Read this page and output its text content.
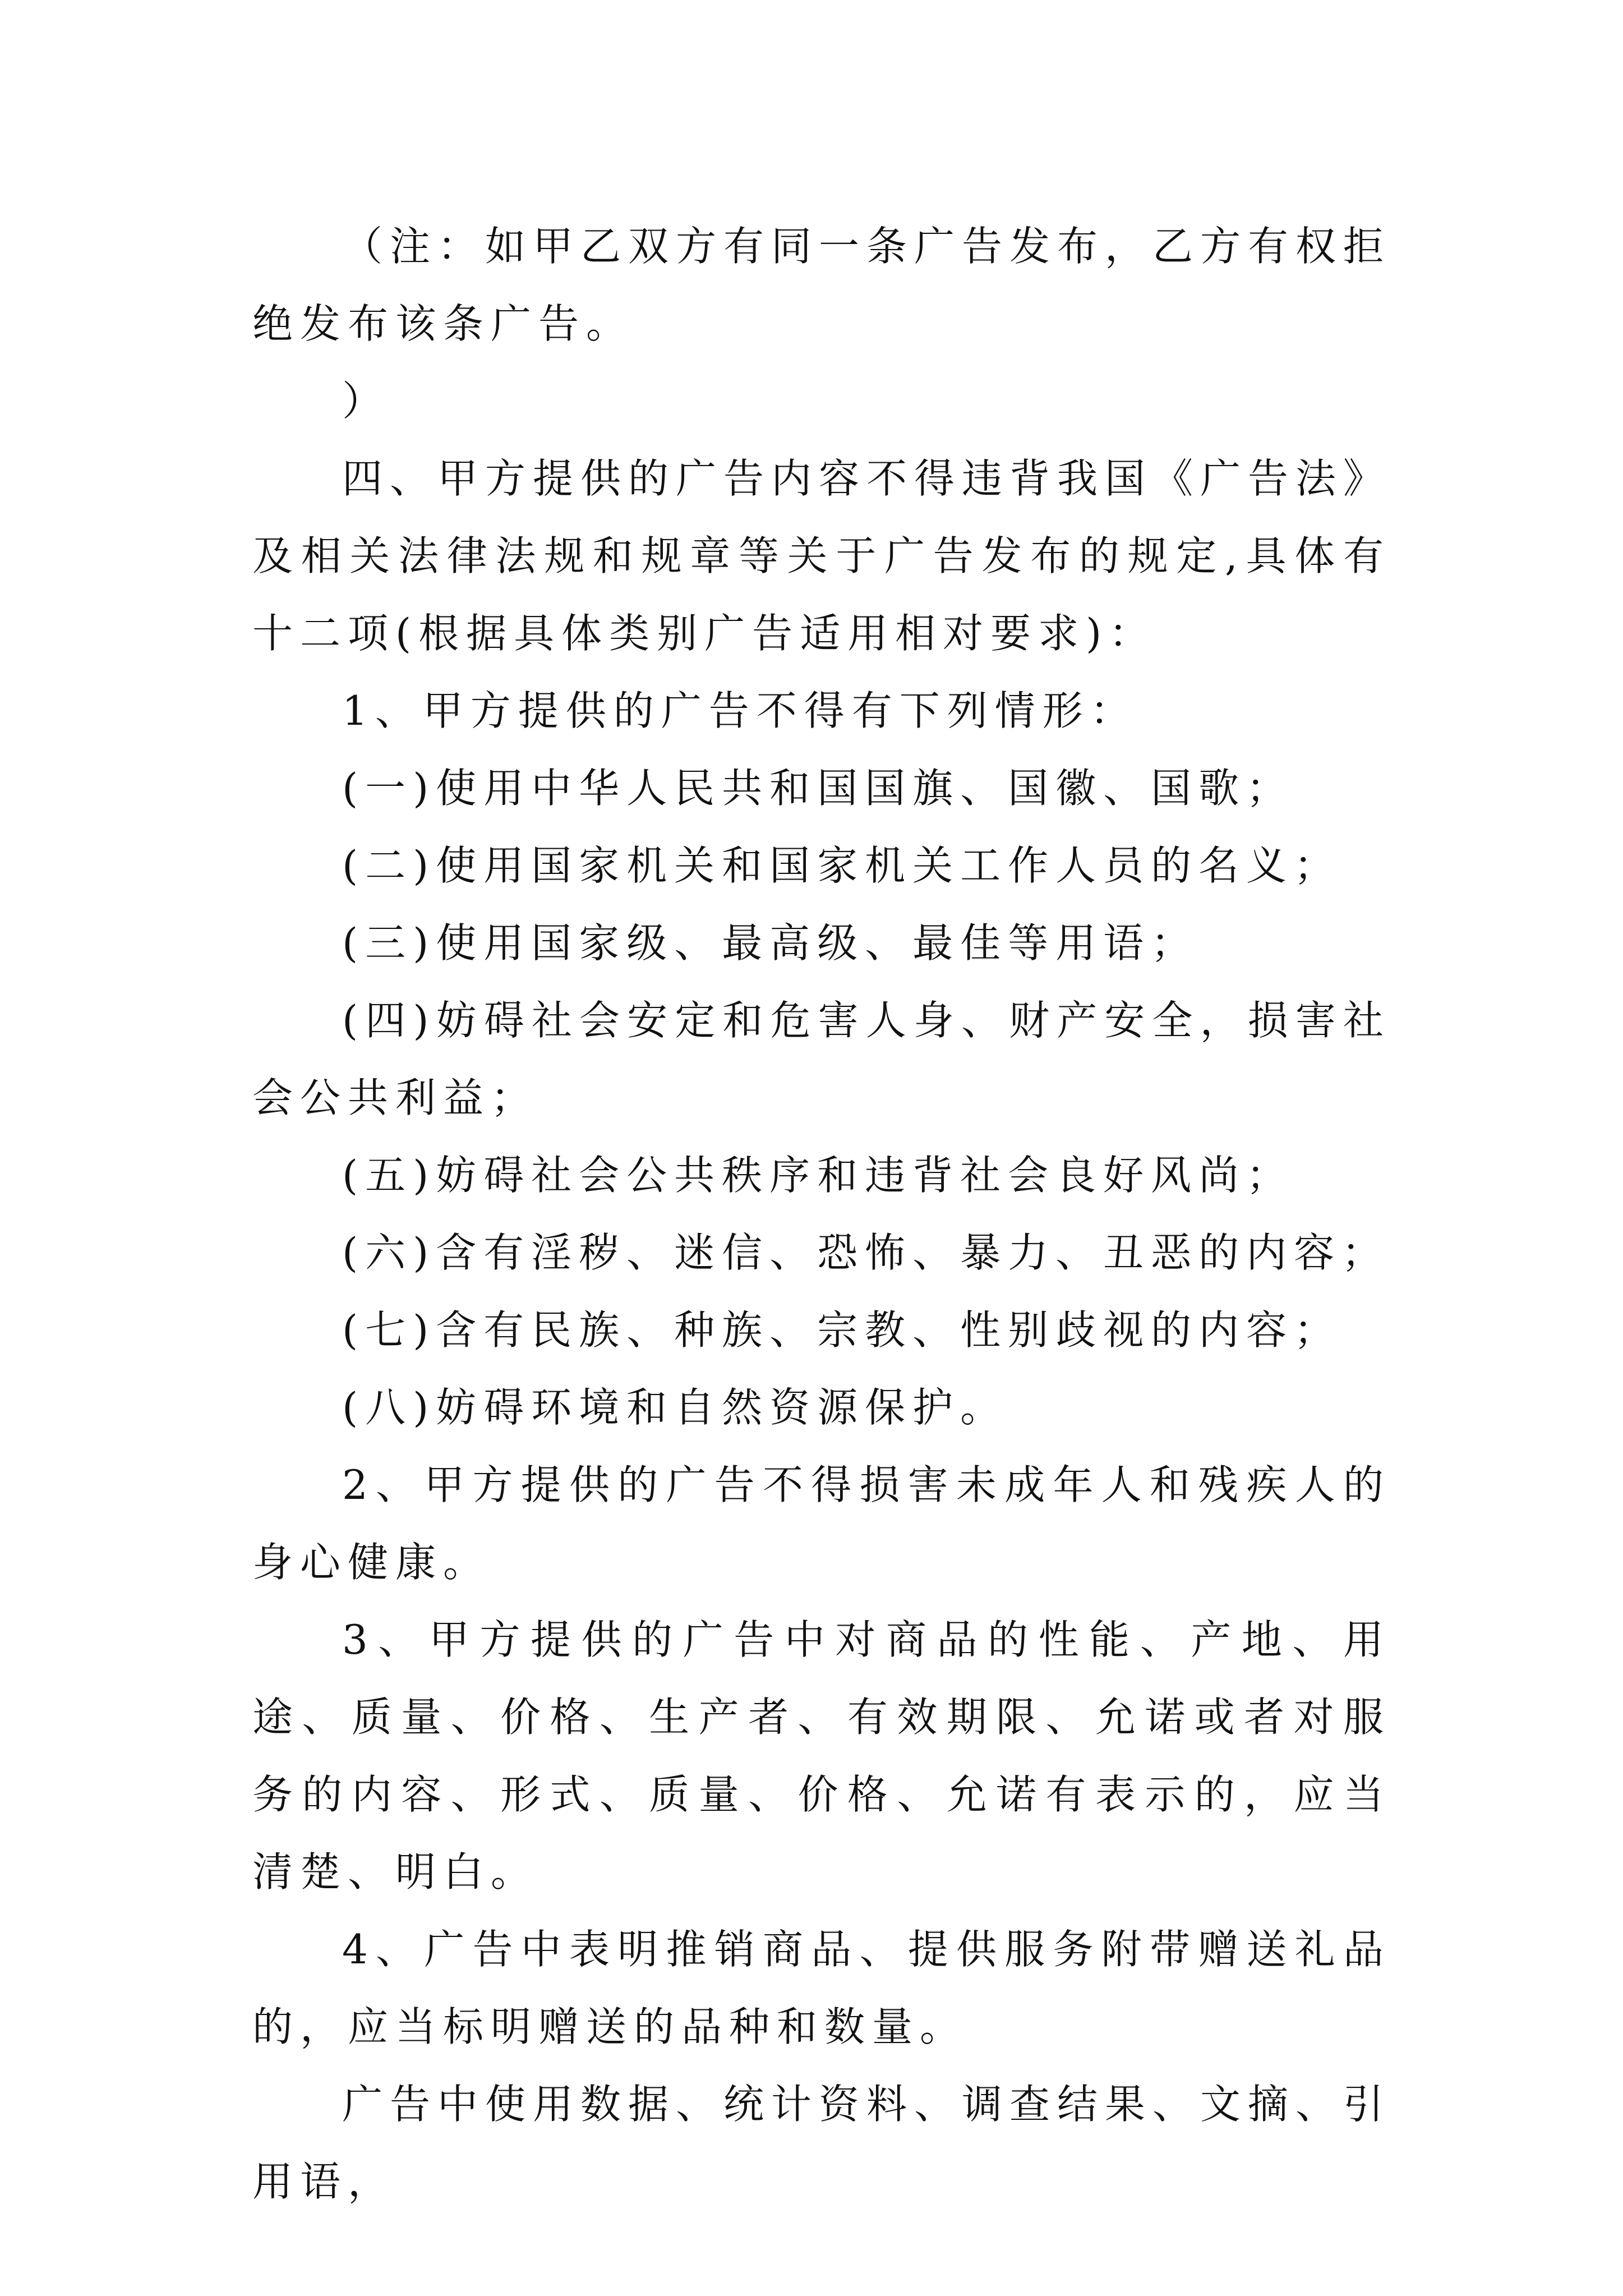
（注：如甲乙双方有同一条广告发布，乙方有权拒绝发布该条广告。

）

四、甲方提供的广告内容不得违背我国《广告法》及相关法律法规和规章等关于广告发布的规定,具体有十二项(根据具体类别广告适用相对要求)：

1、甲方提供的广告不得有下列情形：

(一)使用中华人民共和国国旗、国徽、国歌；

(二)使用国家机关和国家机关工作人员的名义；

(三)使用国家级、最高级、最佳等用语；

(四)妨碍社会安定和危害人身、财产安全，损害社会公共利益；

(五)妨碍社会公共秩序和违背社会良好风尚；

(六)含有淫秽、迷信、恐怖、暴力、丑恶的内容；

(七)含有民族、种族、宗教、性别歧视的内容；

(八)妨碍环境和自然资源保护。

2、甲方提供的广告不得损害未成年人和残疾人的身心健康。

3、甲方提供的广告中对商品的性能、产地、用途、质量、价格、生产者、有效期限、允诺或者对服务的内容、形式、质量、价格、允诺有表示的，应当清楚、明白。

4、广告中表明推销商品、提供服务附带赠送礼品的，应当标明赠送的品种和数量。

广告中使用数据、统计资料、调查结果、文摘、引用语，
